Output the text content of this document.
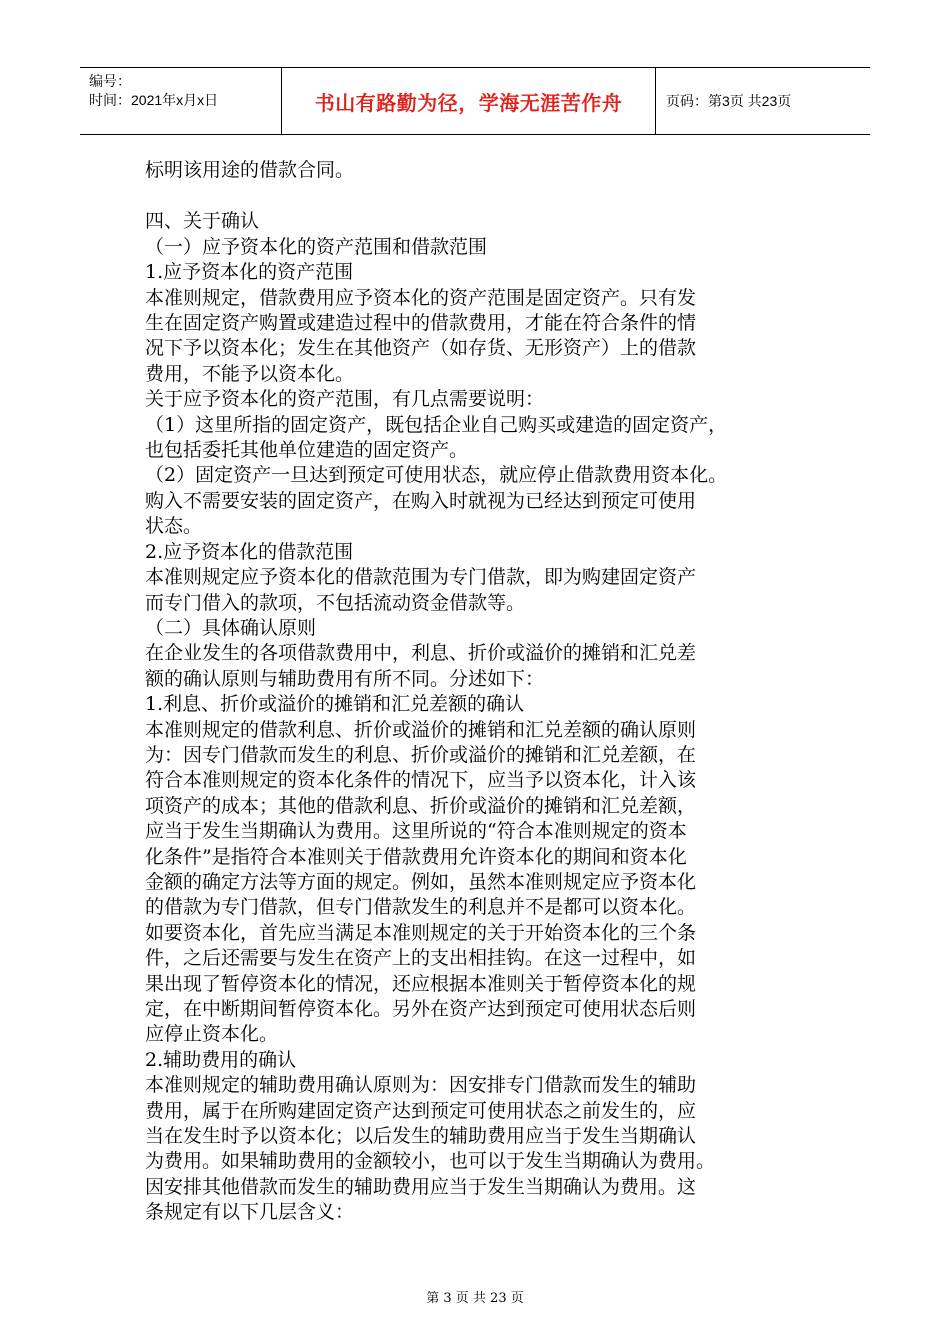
编号：
时间：2021年x月x日	书山有路勤为径，学海无涯苦作舟	页码：第3页 共23页

标明该用途的借款合同。

四、关于确认

（一）应予资本化的资产范围和借款范围

1.应予资本化的资产范围

本准则规定，借款费用应予资本化的资产范围是固定资产。只有发

生在固定资产购置或建造过程中的借款费用，才能在符合条件的情

况下予以资本化；发生在其他资产（如存货、无形资产）上的借款

费用，不能予以资本化。

关于应予资本化的资产范围，有几点需要说明：

（1）这里所指的固定资产，既包括企业自己购买或建造的固定资产，

也包括委托其他单位建造的固定资产。

（2）固定资产一旦达到预定可使用状态，就应停止借款费用资本化。

购入不需要安装的固定资产，在购入时就视为已经达到预定可使用

状态。

2.应予资本化的借款范围

本准则规定应予资本化的借款范围为专门借款，即为购建固定资产

而专门借入的款项，不包括流动资金借款等。

（二）具体确认原则

在企业发生的各项借款费用中，利息、折价或溢价的摊销和汇兑差

额的确认原则与辅助费用有所不同。分述如下：

1.利息、折价或溢价的摊销和汇兑差额的确认

本准则规定的借款利息、折价或溢价的摊销和汇兑差额的确认原则

为：因专门借款而发生的利息、折价或溢价的摊销和汇兑差额，在

符合本准则规定的资本化条件的情况下，应当予以资本化，计入该

项资产的成本；其他的借款利息、折价或溢价的摊销和汇兑差额，

应当于发生当期确认为费用。这里所说的“符合本准则规定的资本

化条件”是指符合本准则关于借款费用允许资本化的期间和资本化

金额的确定方法等方面的规定。例如，虽然本准则规定应予资本化

的借款为专门借款，但专门借款发生的利息并不是都可以资本化。

如要资本化，首先应当满足本准则规定的关于开始资本化的三个条

件，之后还需要与发生在资产上的支出相挂钩。在这一过程中，如

果出现了暂停资本化的情况，还应根据本准则关于暂停资本化的规

定，在中断期间暂停资本化。另外在资产达到预定可使用状态后则

应停止资本化。

2.辅助费用的确认

本准则规定的辅助费用确认原则为：因安排专门借款而发生的辅助

费用，属于在所购建固定资产达到预定可使用状态之前发生的，应

当在发生时予以资本化；以后发生的辅助费用应当于发生当期确认

为费用。如果辅助费用的金额较小，也可以于发生当期确认为费用。

因安排其他借款而发生的辅助费用应当于发生当期确认为费用。这

条规定有以下几层含义：

第 3 页 共 23 页
